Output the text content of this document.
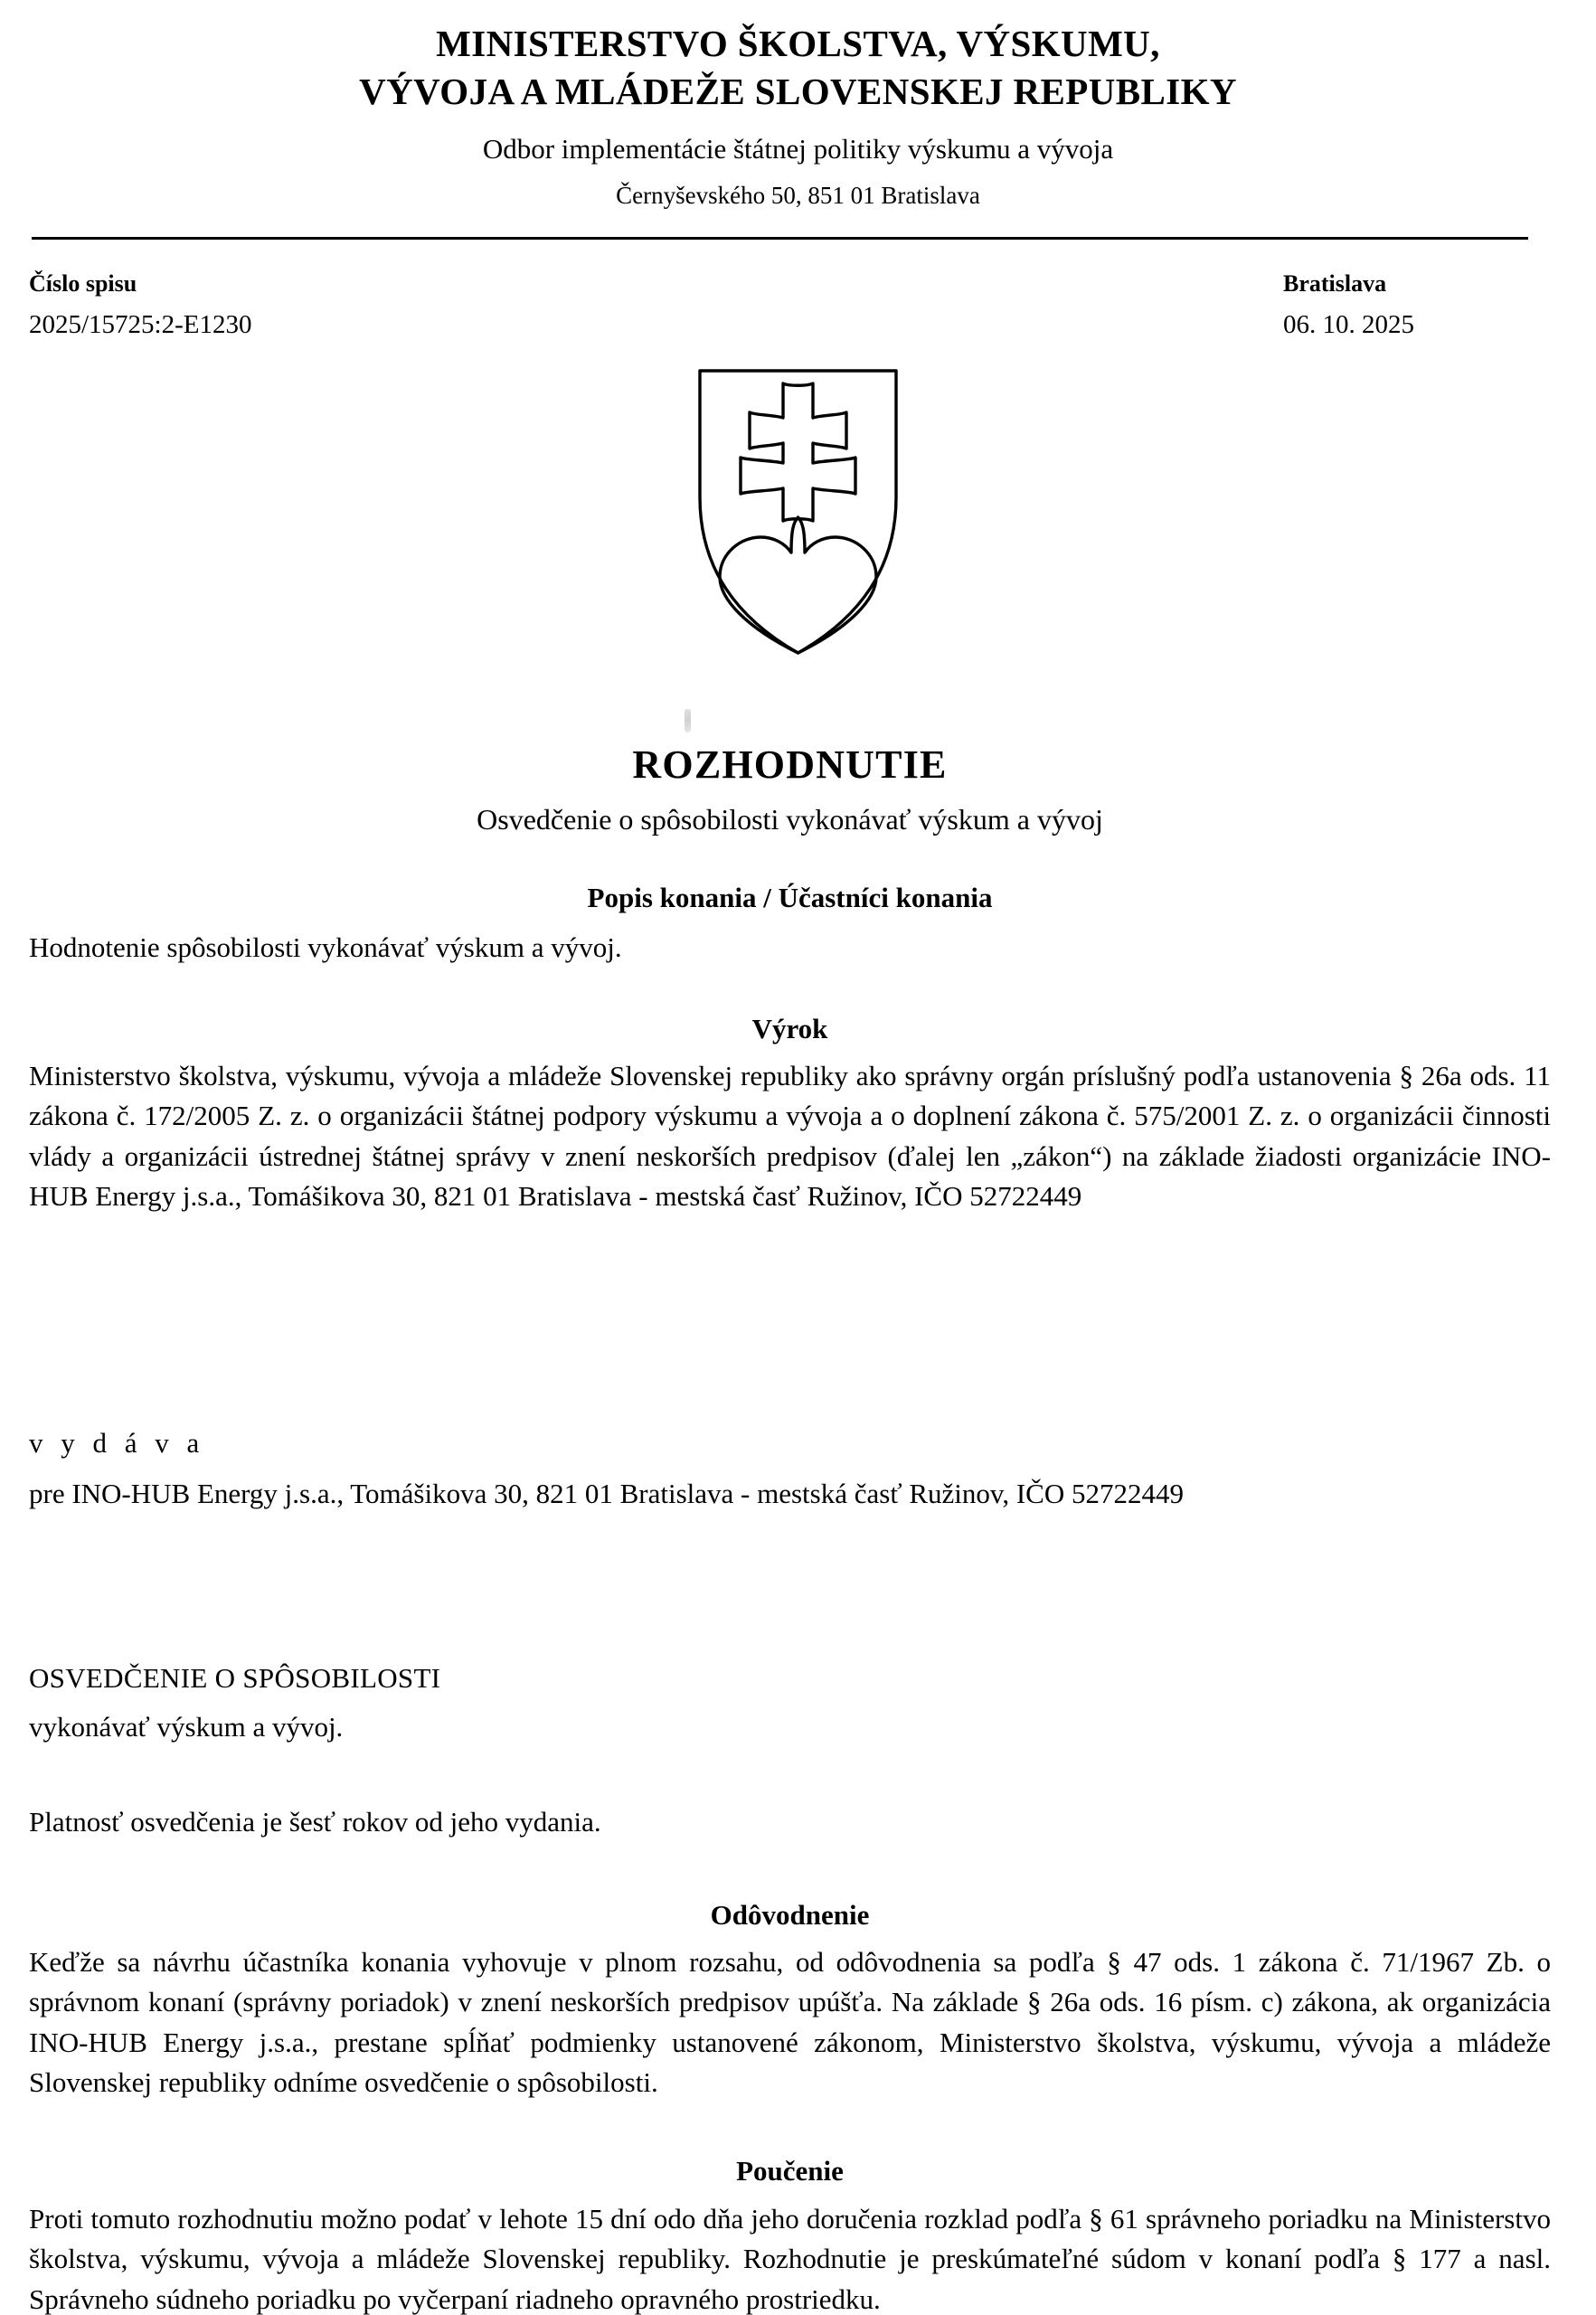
MINISTERSTVO ŠKOLSTVA, VÝSKUMU,
VÝVOJA A MLÁDEŽE SLOVENSKEJ REPUBLIKY
Odbor implementácie štátnej politiky výskumu a vývoja
Černyševského 50, 851 01 Bratislava
Číslo spisu
2025/15725:2-E1230
Bratislava
06. 10. 2025
ROZHODNUTIE
Osvedčenie o spôsobilosti vykonávať výskum a vývoj
Popis konania / Účastníci konania
Hodnotenie spôsobilosti vykonávať výskum a vývoj.
Výrok
Ministerstvo školstva, výskumu, vývoja a mládeže Slovenskej republiky ako správny orgán príslušný podľa ustanovenia § 26a ods. 11 zákona č. 172/2005 Z. z. o organizácii štátnej podpory výskumu a vývoja a o doplnení zákona č. 575/2001 Z. z. o organizácii činnosti vlády a organizácii ústrednej štátnej správy v znení neskorších predpisov (ďalej len „zákon“) na základe žiadosti organizácie INO-HUB Energy j.s.a., Tomášikova 30, 821 01 Bratislava - mestská časť Ružinov, IČO 52722449
v y d á v a
pre INO-HUB Energy j.s.a., Tomášikova 30, 821 01 Bratislava - mestská časť Ružinov, IČO 52722449
OSVEDČENIE O SPÔSOBILOSTI
vykonávať výskum a vývoj.
Platnosť osvedčenia je šesť rokov od jeho vydania.
Odôvodnenie
Keďže sa návrhu účastníka konania vyhovuje v plnom rozsahu, od odôvodnenia sa podľa § 47 ods. 1 zákona č. 71/1967 Zb. o správnom konaní (správny poriadok) v znení neskorších predpisov upúšťa. Na základe § 26a ods. 16 písm. c) zákona, ak organizácia INO-HUB Energy j.s.a., prestane spĺňať podmienky ustanovené zákonom, Ministerstvo školstva, výskumu, vývoja a mládeže Slovenskej republiky odníme osvedčenie o spôsobilosti.
Poučenie
Proti tomuto rozhodnutiu možno podať v lehote 15 dní odo dňa jeho doručenia rozklad podľa § 61 správneho poriadku na Ministerstvo školstva, výskumu, vývoja a mládeže Slovenskej republiky. Rozhodnutie je preskúmateľné súdom v konaní podľa § 177 a nasl. Správneho súdneho poriadku po vyčerpaní riadneho opravného prostriedku.
